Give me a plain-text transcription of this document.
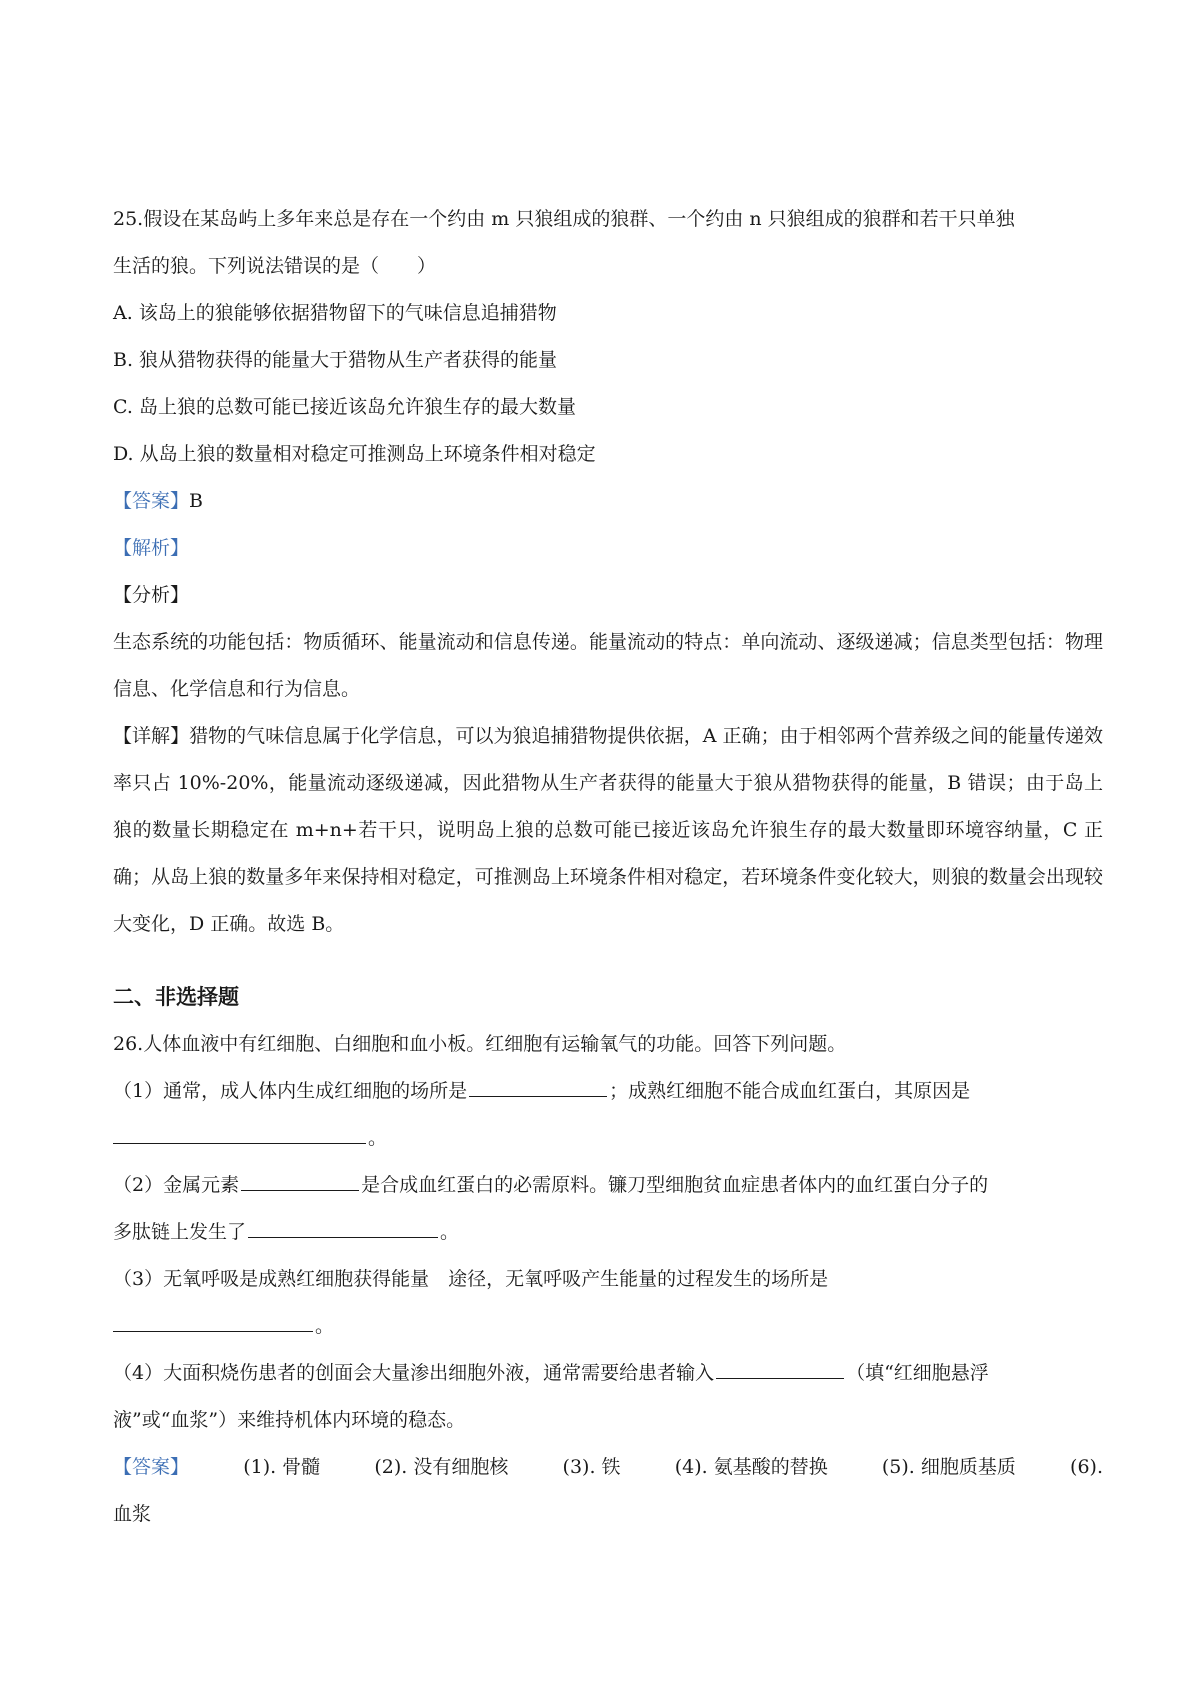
25.假设在某岛屿上多年来总是存在一个约由 m 只狼组成的狼群、一个约由 n 只狼组成的狼群和若干只单独
生活的狼。下列说法错误的是（　　）
A. 该岛上的狼能够依据猎物留下的气味信息追捕猎物
B. 狼从猎物获得的能量大于猎物从生产者获得的能量
C. 岛上狼的总数可能已接近该岛允许狼生存的最大数量
D. 从岛上狼的数量相对稳定可推测岛上环境条件相对稳定
【答案】B
【解析】
【分析】
生态系统的功能包括：物质循环、能量流动和信息传递。能量流动的特点：单向流动、逐级递减；信息类型包括：物理信息、化学信息和行为信息。
【详解】猎物的气味信息属于化学信息，可以为狼追捕猎物提供依据，A 正确；由于相邻两个营养级之间的能量传递效率只占 10%-20%，能量流动逐级递减，因此猎物从生产者获得的能量大于狼从猎物获得的能量，B 错误；由于岛上狼的数量长期稳定在 m+n+若干只，说明岛上狼的总数可能已接近该岛允许狼生存的最大数量即环境容纳量，C 正确；从岛上狼的数量多年来保持相对稳定，可推测岛上环境条件相对稳定，若环境条件变化较大，则狼的数量会出现较大变化，D 正确。故选 B。
二、非选择题
26.人体血液中有红细胞、白细胞和血小板。红细胞有运输氧气的功能。回答下列问题。
（1）通常，成人体内生成红细胞的场所是	；成熟红细胞不能合成血红蛋白，其原因是
。
（2）金属元素	是合成血红蛋白的必需原料。镰刀型细胞贫血症患者体内的血红蛋白分子的
多肽链上发生了	。
（3）无氧呼吸是成熟红细胞获得能量　途径，无氧呼吸产生能量的过程发生的场所是
。
（4）大面积烧伤患者的创面会大量渗出细胞外液，通常需要给患者输入	（填“红细胞悬浮
液”或“血浆”）来维持机体内环境的稳态。
【答案】	(1). 骨髓	(2). 没有细胞核	(3). 铁	(4). 氨基酸的替换	(5). 细胞质基质	(6).
血浆
